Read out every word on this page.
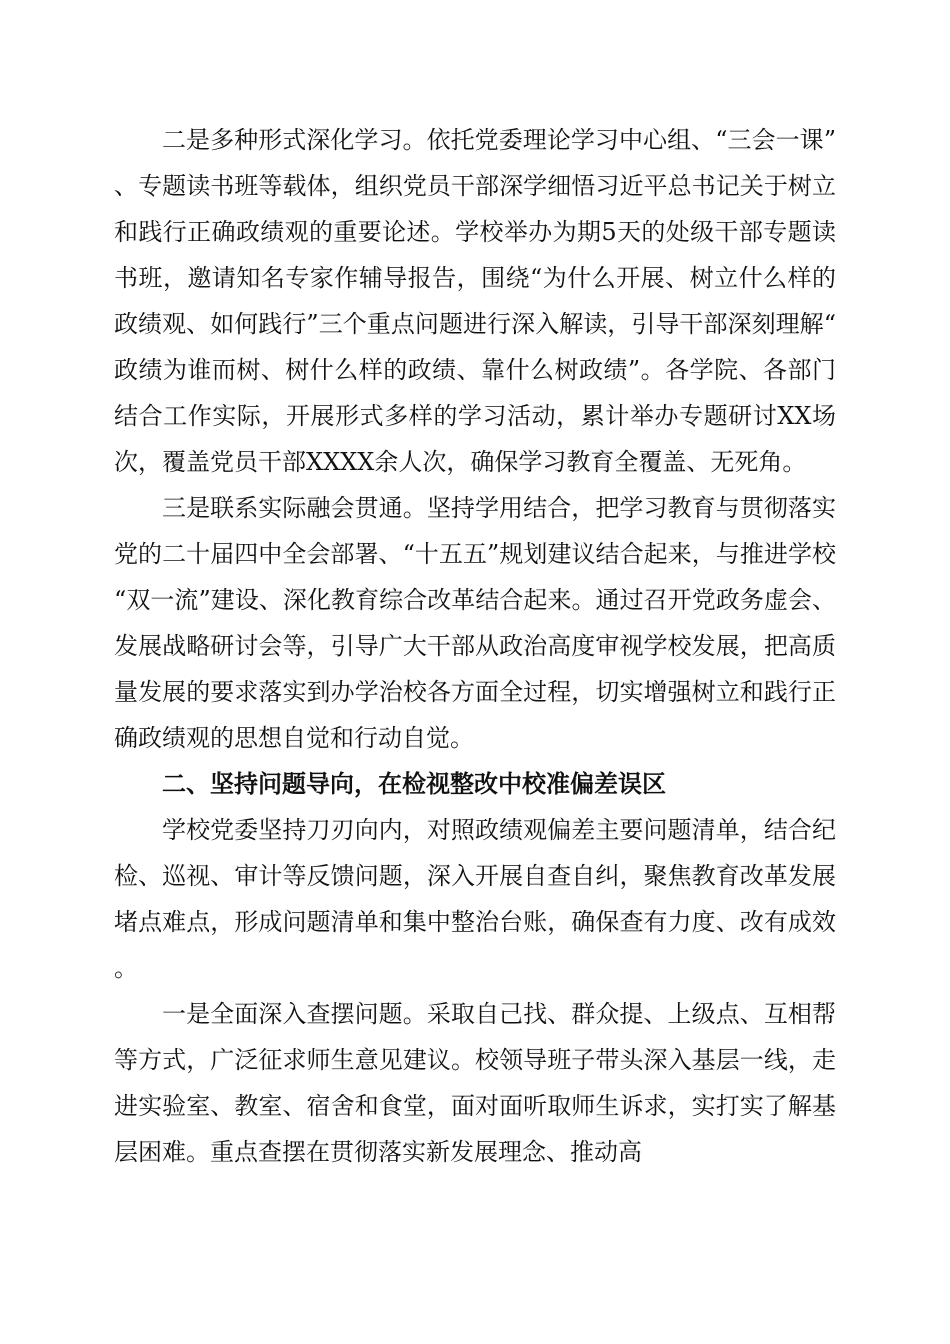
二是多种形式深化学习。依托党委理论学习中心组、“三会一课”、专题读书班等载体，组织党员干部深学细悟习近平总书记关于树立和践行正确政绩观的重要论述。学校举办为期5天的处级干部专题读书班，邀请知名专家作辅导报告，围绕“为什么开展、树立什么样的政绩观、如何践行”三个重点问题进行深入解读，引导干部深刻理解“政绩为谁而树、树什么样的政绩、靠什么树政绩”。各学院、各部门结合工作实际，开展形式多样的学习活动，累计举办专题研讨XX场次，覆盖党员干部XXXX余人次，确保学习教育全覆盖、无死角。

三是联系实际融会贯通。坚持学用结合，把学习教育与贯彻落实党的二十届四中全会部署、“十五五”规划建议结合起来，与推进学校“双一流”建设、深化教育综合改革结合起来。通过召开党政务虚会、发展战略研讨会等，引导广大干部从政治高度审视学校发展，把高质量发展的要求落实到办学治校各方面全过程，切实增强树立和践行正确政绩观的思想自觉和行动自觉。

二、坚持问题导向，在检视整改中校准偏差误区

学校党委坚持刀刃向内，对照政绩观偏差主要问题清单，结合纪检、巡视、审计等反馈问题，深入开展自查自纠，聚焦教育改革发展堵点难点，形成问题清单和集中整治台账，确保查有力度、改有成效。

一是全面深入查摆问题。采取自己找、群众提、上级点、互相帮等方式，广泛征求师生意见建议。校领导班子带头深入基层一线，走进实验室、教室、宿舍和食堂，面对面听取师生诉求，实打实了解基层困难。重点查摆在贯彻落实新发展理念、推动高
